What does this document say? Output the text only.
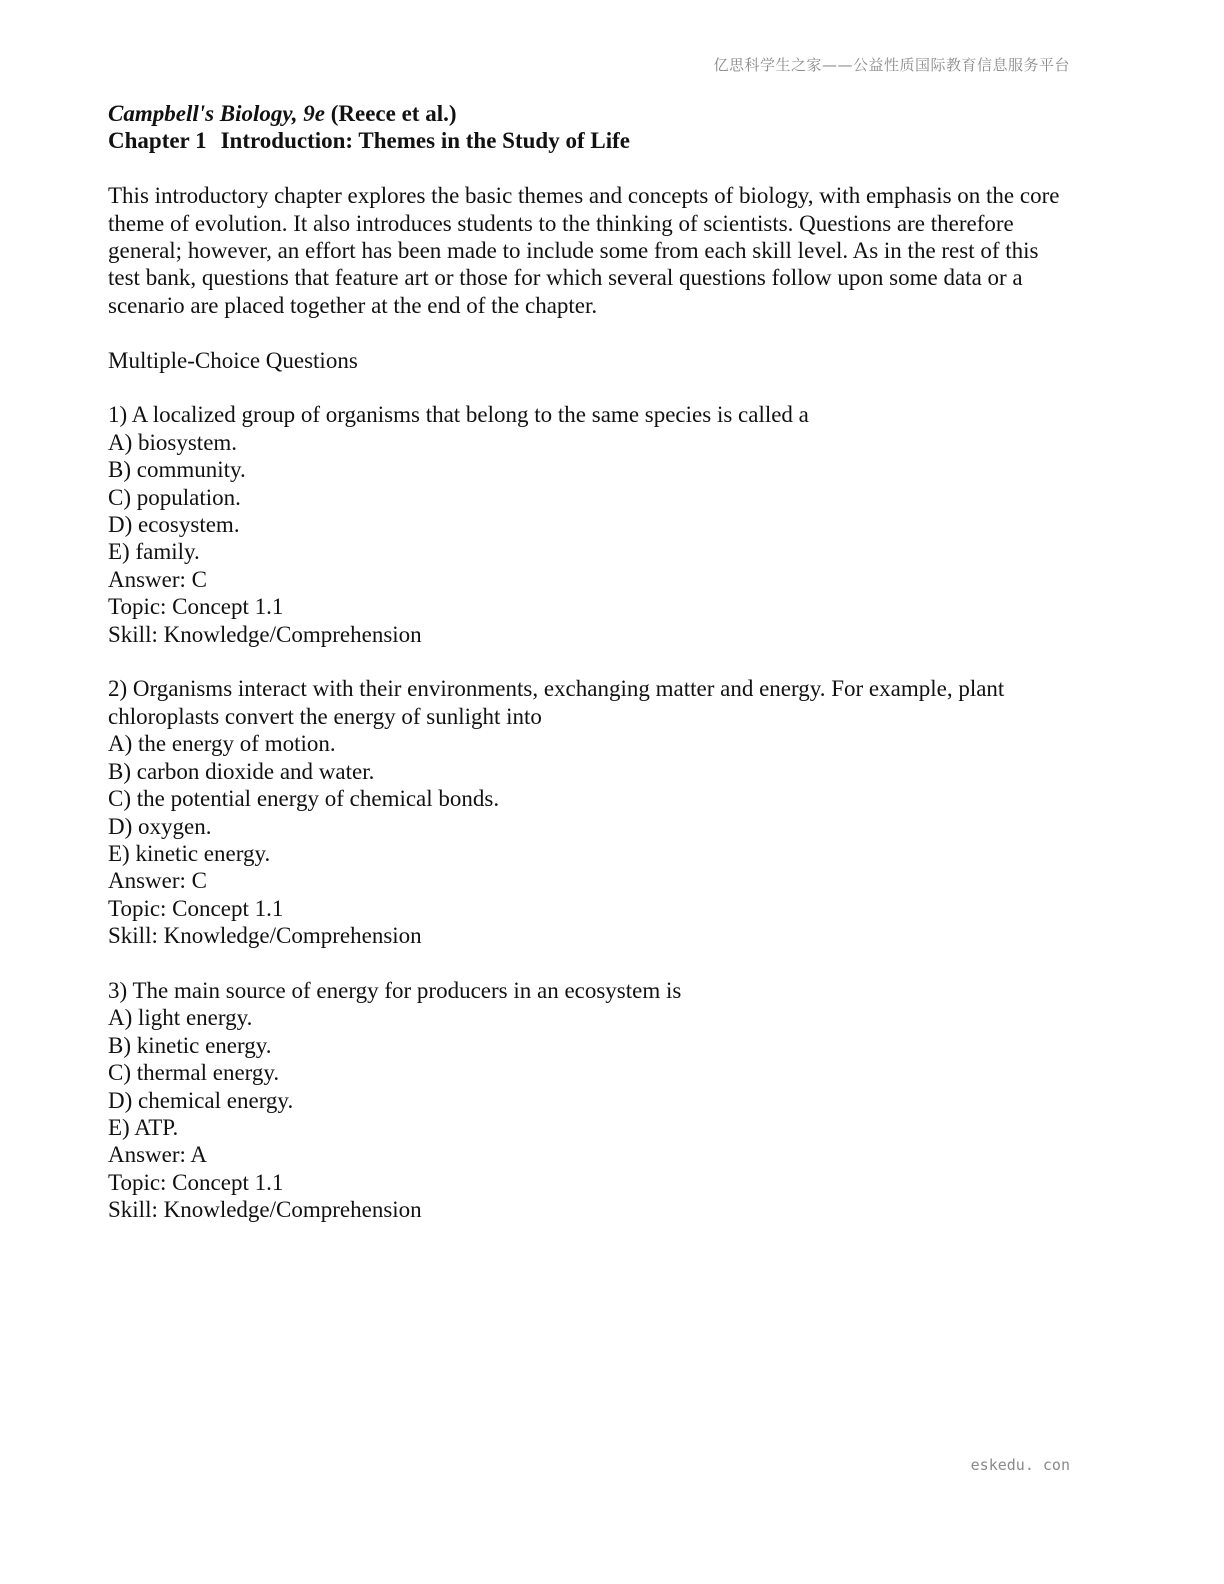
亿思科学生之家——公益性质国际教育信息服务平台
Campbell's Biology, 9e (Reece et al.)
Chapter 1 Introduction: Themes in the Study of Life
This introductory chapter explores the basic themes and concepts of biology, with emphasis on the core
theme of evolution. It also introduces students to the thinking of scientists. Questions are therefore
general; however, an effort has been made to include some from each skill level. As in the rest of this
test bank, questions that feature art or those for which several questions follow upon some data or a
scenario are placed together at the end of the chapter.
Multiple-Choice Questions
1) A localized group of organisms that belong to the same species is called a
A) biosystem.
B) community.
C) population.
D) ecosystem.
E) family.
Answer: C
Topic: Concept 1.1
Skill: Knowledge/Comprehension
2) Organisms interact with their environments, exchanging matter and energy. For example, plant
chloroplasts convert the energy of sunlight into
A) the energy of motion.
B) carbon dioxide and water.
C) the potential energy of chemical bonds.
D) oxygen.
E) kinetic energy.
Answer: C
Topic: Concept 1.1
Skill: Knowledge/Comprehension
3) The main source of energy for producers in an ecosystem is
A) light energy.
B) kinetic energy.
C) thermal energy.
D) chemical energy.
E) ATP.
Answer: A
Topic: Concept 1.1
Skill: Knowledge/Comprehension
eskedu. con
